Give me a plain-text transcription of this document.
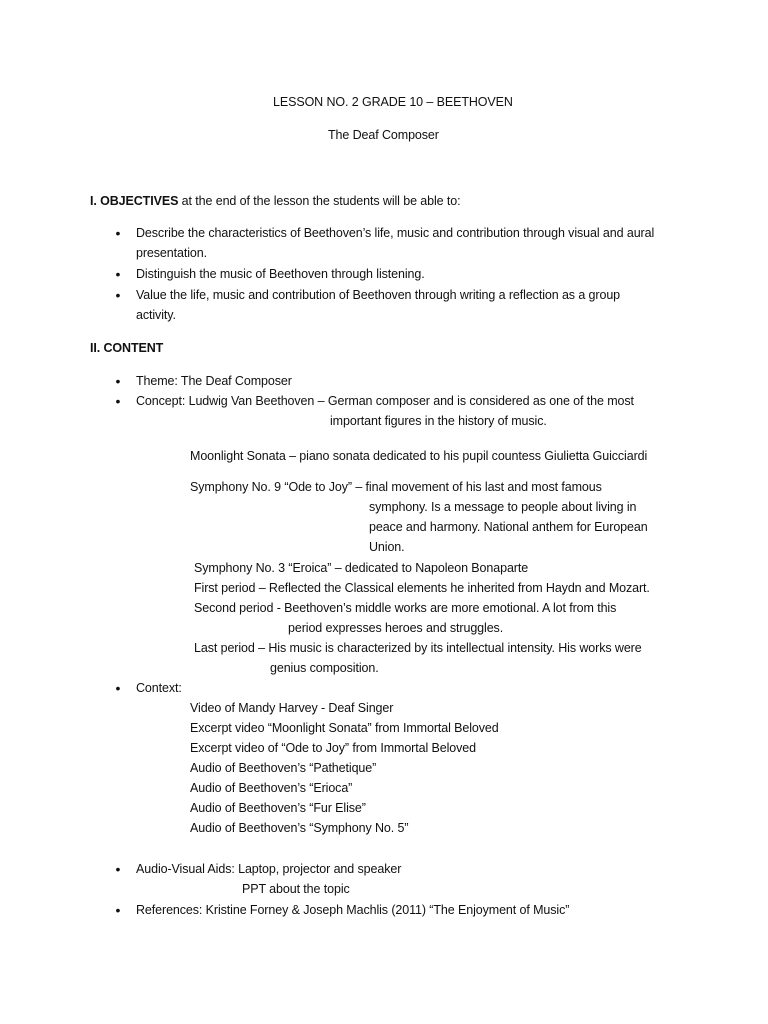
LESSON NO. 2 GRADE 10 – BEETHOVEN
The Deaf Composer
I. OBJECTIVES at the end of the lesson the students will be able to:
• Describe the characteristics of Beethoven’s life, music and contribution through visual and aural
presentation.
• Distinguish the music of Beethoven through listening.
• Value the life, music and contribution of Beethoven through writing a reflection as a group
activity.
II. CONTENT
• Theme: The Deaf Composer
• Concept: Ludwig Van Beethoven – German composer and is considered as one of the most
important figures in the history of music.
Moonlight Sonata – piano sonata dedicated to his pupil countess Giulietta Guicciardi
Symphony No. 9 “Ode to Joy” – final movement of his last and most famous
symphony. Is a message to people about living in
peace and harmony. National anthem for European
Union.
Symphony No. 3 “Eroica” – dedicated to Napoleon Bonaparte
First period – Reflected the Classical elements he inherited from Haydn and Mozart.
Second period - Beethoven’s middle works are more emotional. A lot from this
period expresses heroes and struggles.
Last period – His music is characterized by its intellectual intensity. His works were
genius composition.
• Context:
Video of Mandy Harvey - Deaf Singer
Excerpt video “Moonlight Sonata” from Immortal Beloved
Excerpt video of “Ode to Joy” from Immortal Beloved
Audio of Beethoven’s “Pathetique”
Audio of Beethoven’s “Erioca”
Audio of Beethoven’s “Fur Elise”
Audio of Beethoven’s “Symphony No. 5”
• Audio-Visual Aids: Laptop, projector and speaker
PPT about the topic
• References: Kristine Forney & Joseph Machlis (2011) “The Enjoyment of Music”
